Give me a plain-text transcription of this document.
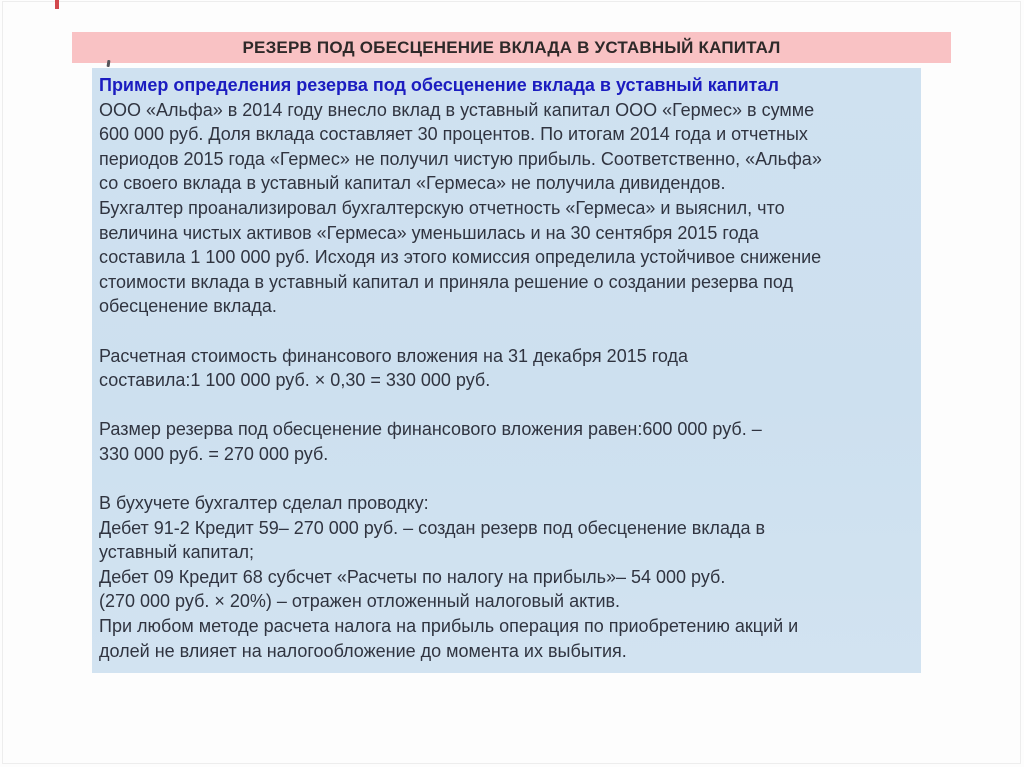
РЕЗЕРВ ПОД ОБЕСЦЕНЕНИЕ ВКЛАДА В УСТАВНЫЙ КАПИТАЛ
Пример определения резерва под обесценение вклада в уставный капитал
ООО «Альфа» в 2014 году внесло вклад в уставный капитал ООО «Гермес» в сумме
600 000 руб. Доля вклада составляет 30 процентов. По итогам 2014 года и отчетных
периодов 2015 года «Гермес» не получил чистую прибыль. Соответственно, «Альфа»
со своего вклада в уставный капитал «Гермеса» не получила дивидендов.
Бухгалтер проанализировал бухгалтерскую отчетность «Гермеса» и выяснил, что
величина чистых активов «Гермеса» уменьшилась и на 30 сентября 2015 года
составила 1 100 000 руб. Исходя из этого комиссия определила устойчивое снижение
стоимости вклада в уставный капитал и приняла решение о создании резерва под
обесценение вклада.
Расчетная стоимость финансового вложения на 31 декабря 2015 года
составила:1 100 000 руб. × 0,30 = 330 000 руб.
Размер резерва под обесценение финансового вложения равен:600 000 руб. –
330 000 руб. = 270 000 руб.
В бухучете бухгалтер сделал проводку:
Дебет 91-2 Кредит 59– 270 000 руб. – создан резерв под обесценение вклада в
уставный капитал;
Дебет 09 Кредит 68 субсчет «Расчеты по налогу на прибыль»– 54 000 руб.
(270 000 руб. × 20%) – отражен отложенный налоговый актив.
При любом методе расчета налога на прибыль операция по приобретению акций и
долей не влияет на налогообложение до момента их выбытия.
